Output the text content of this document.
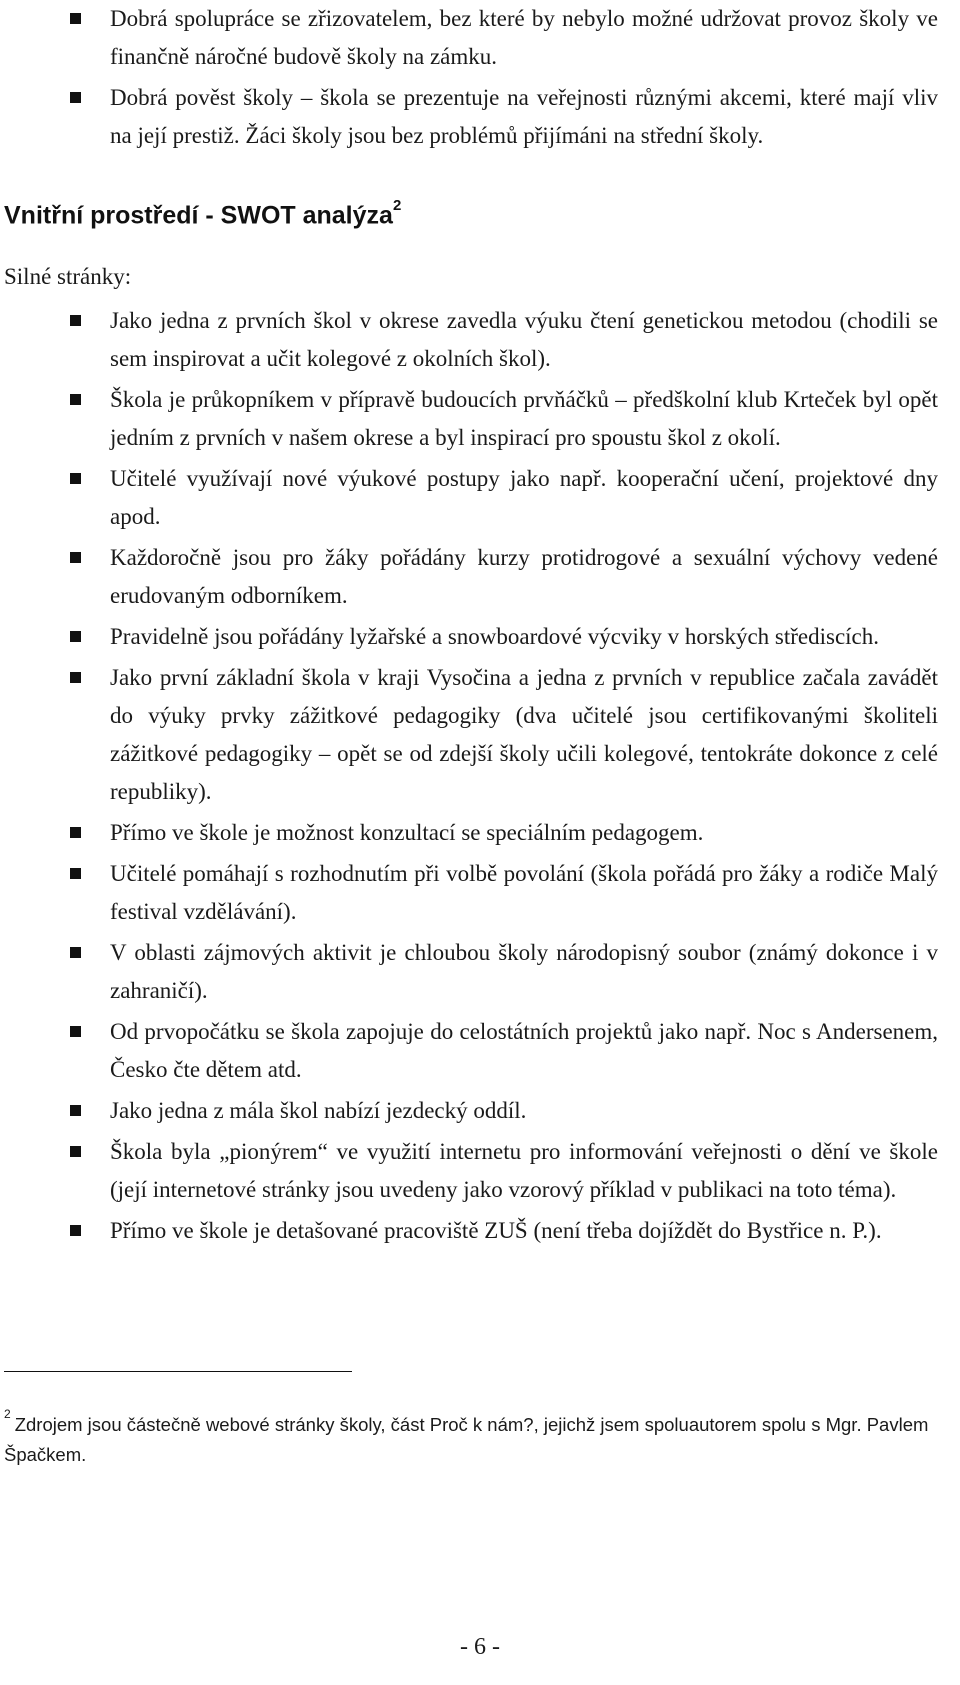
Dobrá spolupráce se zřizovatelem, bez které by nebylo možné udržovat provoz školy ve finančně náročné budově školy na zámku.
Dobrá pověst školy – škola se prezentuje na veřejnosti různými akcemi, které mají vliv na její prestiž. Žáci školy jsou bez problémů přijímáni na střední školy.
Vnitřní prostředí - SWOT analýza$^2$

Silné stránky:

Jako jedna z prvních škol v okrese zavedla výuku čtení genetickou metodou (chodili se sem inspirovat a učit kolegové z okolních škol).
Škola je průkopníkem v přípravě budoucích prvňáčků – předškolní klub Krteček byl opět jedním z prvních v našem okrese a byl inspirací pro spoustu škol z okolí.
Učitelé využívají nové výukové postupy jako např. kooperační učení, projektové dny apod.
Každoročně jsou pro žáky pořádány kurzy protidrogové a sexuální výchovy vedené erudovaným odborníkem.
Pravidelně jsou pořádány lyžařské a snowboardové výcviky v horských střediscích.
Jako první základní škola v kraji Vysočina a jedna z prvních v republice začala zavádět do výuky prvky zážitkové pedagogiky (dva učitelé jsou certifikovanými školiteli zážitkové pedagogiky – opět se od zdejší školy učili kolegové, tentokráte dokonce z celé republiky).
Přímo ve škole je možnost konzultací se speciálním pedagogem.
Učitelé pomáhají s rozhodnutím při volbě povolání (škola pořádá pro žáky a rodiče Malý festival vzdělávání).
V oblasti zájmových aktivit je chloubou školy národopisný soubor (známý dokonce i v zahraničí).
Od prvopočátku se škola zapojuje do celostátních projektů jako např. Noc s Andersenem, Česko čte dětem atd.
Jako jedna z mála škol nabízí jezdecký oddíl.
Škola byla „pionýrem“ ve využití internetu pro informování veřejnosti o dění ve škole (její internetové stránky jsou uvedeny jako vzorový příklad v publikaci na toto téma).
Přímo ve škole je detašované pracoviště ZUŠ (není třeba dojíždět do Bystřice n. P.).

$^2$Zdrojem jsou částečně webové stránky školy, část Proč k nám?, jejichž jsem spoluautorem spolu s Mgr. Pavlem Špačkem.

- 6 -
